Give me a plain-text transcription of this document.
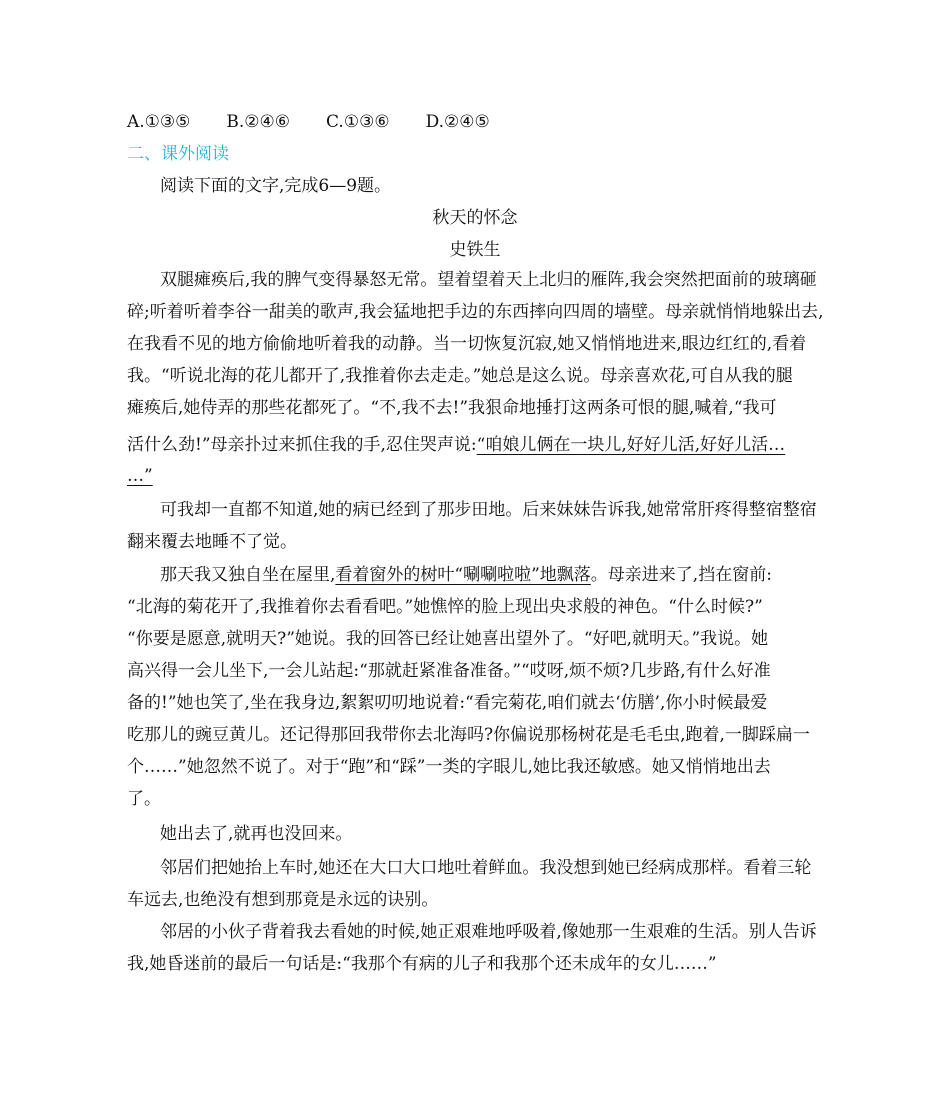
A.①③⑤ B.②④⑥ C.①③⑥ D.②④⑤
二、课外阅读
阅读下面的文字,完成6—9题。
秋天的怀念
史铁生
双腿瘫痪后,我的脾气变得暴怒无常。望着望着天上北归的雁阵,我会突然把面前的玻璃砸
碎;听着听着李谷一甜美的歌声,我会猛地把手边的东西摔向四周的墙壁。母亲就悄悄地躲出去,
在我看不见的地方偷偷地听着我的动静。当一切恢复沉寂,她又悄悄地进来,眼边红红的,看着
我。“听说北海的花儿都开了,我推着你去走走。”她总是这么说。母亲喜欢花,可自从我的腿
瘫痪后,她侍弄的那些花都死了。“不,我不去!”我狠命地捶打这两条可恨的腿,喊着,“我可
活什么劲!”母亲扑过来抓住我的手,忍住哭声说:“咱娘儿俩在一块儿,好好儿活,好好儿活…
…”
可我却一直都不知道,她的病已经到了那步田地。后来妹妹告诉我,她常常肝疼得整宿整宿
翻来覆去地睡不了觉。
那天我又独自坐在屋里,看着窗外的树叶“唰唰啦啦”地飘落。母亲进来了,挡在窗前:
“北海的菊花开了,我推着你去看看吧。”她憔悴的脸上现出央求般的神色。“什么时候?”
“你要是愿意,就明天?”她说。我的回答已经让她喜出望外了。“好吧,就明天。”我说。她
高兴得一会儿坐下,一会儿站起:“那就赶紧准备准备。”“哎呀,烦不烦?几步路,有什么好准
备的!”她也笑了,坐在我身边,絮絮叨叨地说着:“看完菊花,咱们就去‘仿膳’,你小时候最爱
吃那儿的豌豆黄儿。还记得那回我带你去北海吗?你偏说那杨树花是毛毛虫,跑着,一脚踩扁一
个……”她忽然不说了。对于“跑”和“踩”一类的字眼儿,她比我还敏感。她又悄悄地出去
了。
她出去了,就再也没回来。
邻居们把她抬上车时,她还在大口大口地吐着鲜血。我没想到她已经病成那样。看着三轮
车远去,也绝没有想到那竟是永远的诀别。
邻居的小伙子背着我去看她的时候,她正艰难地呼吸着,像她那一生艰难的生活。别人告诉
我,她昏迷前的最后一句话是:“我那个有病的儿子和我那个还未成年的女儿……”
